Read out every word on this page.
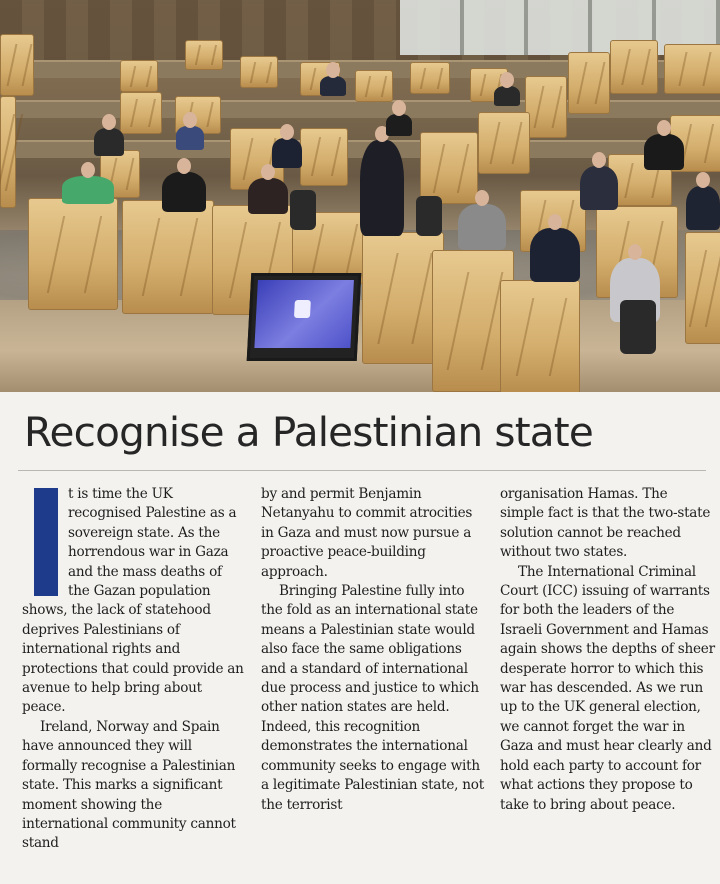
Recognise a Palestinian state

t is time the UK recognised Palestine as a sovereign state. As the horrendous war in Gaza and the mass deaths of the Gazan population shows, the lack of statehood deprives Palestinians of international rights and protections that could provide an avenue to help bring about peace.

Ireland, Norway and Spain have announced they will formally recognise a Palestinian state. This marks a significant moment showing the international community cannot stand

by and permit Benjamin Netanyahu to commit atrocities in Gaza and must now pursue a proactive peace-building approach.

Bringing Palestine fully into the fold as an international state means a Palestinian state would also face the same obligations and a standard of international due process and justice to which other nation states are held. Indeed, this recognition demonstrates the international community seeks to engage with a legitimate Palestinian state, not the terrorist

organisation Hamas. The simple fact is that the two-state solution cannot be reached without two states.

The International Criminal Court (ICC) issuing of warrants for both the leaders of the Israeli Government and Hamas again shows the depths of sheer desperate horror to which this war has descended. As we run up to the UK general election, we cannot forget the war in Gaza and must hear clearly and hold each party to account for what actions they propose to take to bring about peace.
